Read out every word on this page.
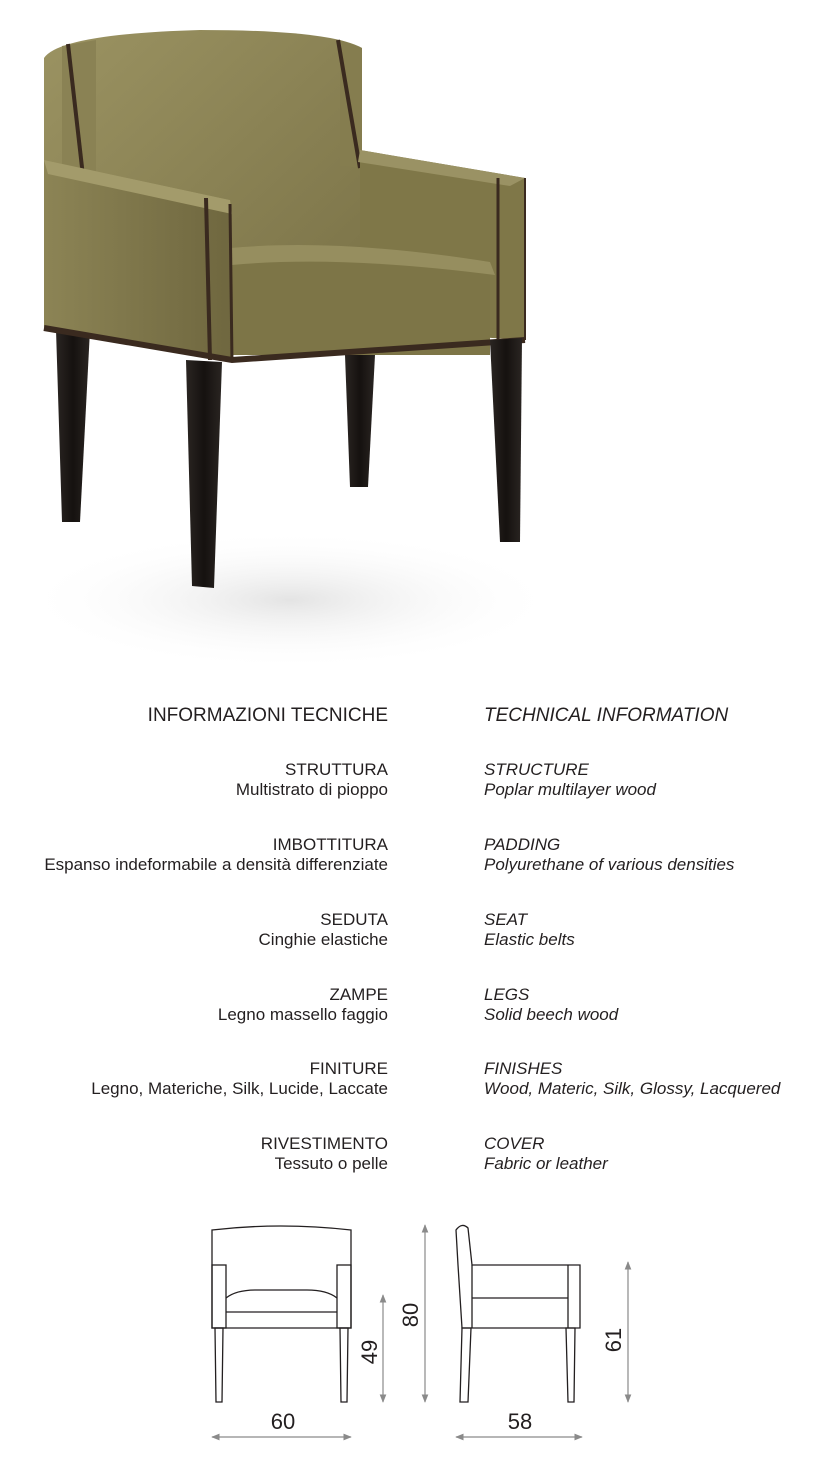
INFORMAZIONI TECNICHE	TECHNICAL INFORMATION
STRUTTURA
Multistrato di pioppo
IMBOTTITURA
Espanso indeformabile a densità differenziate
SEDUTA
Cinghie elastiche
ZAMPE
Legno massello faggio
FINITURE
Legno, Materiche, Silk, Lucide, Laccate
RIVESTIMENTO
Tessuto o pelle
STRUCTURE
Poplar multilayer wood
PADDING
Polyurethane of various densities
SEAT
Elastic belts
LEGS
Solid beech wood
FINISHES
Wood, Materic, Silk, Glossy, Lacquered
COVER
Fabric or leather
60
49
80
58
61
